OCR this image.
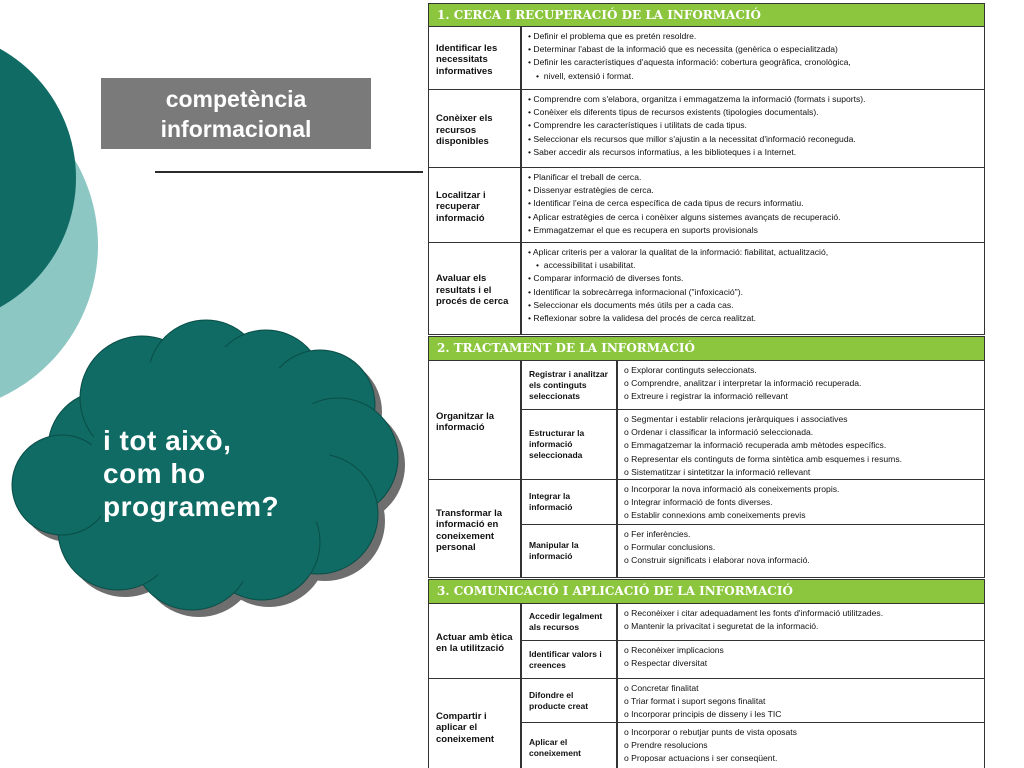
competència
informacional
i tot això,
com ho
programem?
1. CERCA I RECUPERACIÓ DE LA INFORMACIÓ
Identificar les necessitats informatives
• Definir el problema que es pretén resoldre.
• Determinar l'abast de la informació que es necessita (genèrica o especialitzada)
• Definir les característiques d'aquesta informació: cobertura geogràfica, cronològica,
• nivell, extensió i format.
Conèixer els recursos disponibles
• Comprendre com s'elabora, organitza i emmagatzema la informació (formats i suports).
• Conèixer els diferents tipus de recursos existents (tipologies documentals).
• Comprendre les característiques i utilitats de cada tipus.
• Seleccionar els recursos que millor s'ajustin a la necessitat d'informació reconeguda.
• Saber accedir als recursos informatius, a les biblioteques i a Internet.
Localitzar i recuperar informació
• Planificar el treball de cerca.
• Dissenyar estratègies de cerca.
• Identificar l'eina de cerca específica de cada tipus de recurs informatiu.
• Aplicar estratègies de cerca i conèixer alguns sistemes avançats de recuperació.
• Emmagatzemar el que es recupera en suports provisionals
Avaluar els resultats i el procés de cerca
• Aplicar criteris per a valorar la qualitat de la informació: fiabilitat, actualització,
• accessibilitat i usabilitat.
• Comparar informació de diverses fonts.
• Identificar la sobrecàrrega informacional ("infoxicació").
• Seleccionar els documents més útils per a cada cas.
• Reflexionar sobre la validesa del procés de cerca realitzat.
2. TRACTAMENT DE LA INFORMACIÓ
Organitzar la informació
Registrar i analitzar els continguts seleccionats
o Explorar continguts seleccionats.
o Comprendre, analitzar i interpretar la informació recuperada.
o Extreure i registrar la informació rellevant
Estructurar la informació seleccionada
o Segmentar i establir relacions jeràrquiques i associatives
o Ordenar i classificar la informació seleccionada.
o Emmagatzemar la informació recuperada amb mètodes específics.
o Representar els continguts de forma sintètica amb esquemes i resums.
o Sistematitzar i sintetitzar la informació rellevant
Transformar la informació en coneixement personal
Integrar la informació
o Incorporar la nova informació als coneixements propis.
o Integrar informació de fonts diverses.
o Establir connexions amb coneixements previs
Manipular la informació
o Fer inferències.
o Formular conclusions.
o Construir significats i elaborar nova informació.
3. COMUNICACIÓ I APLICACIÓ DE LA INFORMACIÓ
Actuar amb ètica en la utilització
Accedir legalment als recursos
o Reconèixer i citar adequadament les fonts d'informació utilitzades.
o Mantenir la privacitat i seguretat de la informació.
Identificar valors i creences
o Reconèixer implicacions
o Respectar diversitat
Compartir i aplicar el coneixement
Difondre el producte creat
o Concretar finalitat
o Triar format i suport segons finalitat
o Incorporar principis de disseny i les TIC
Aplicar el coneixement
o Incorporar o rebutjar punts de vista oposats
o Prendre resolucions
o Proposar actuacions i ser conseqüent.
